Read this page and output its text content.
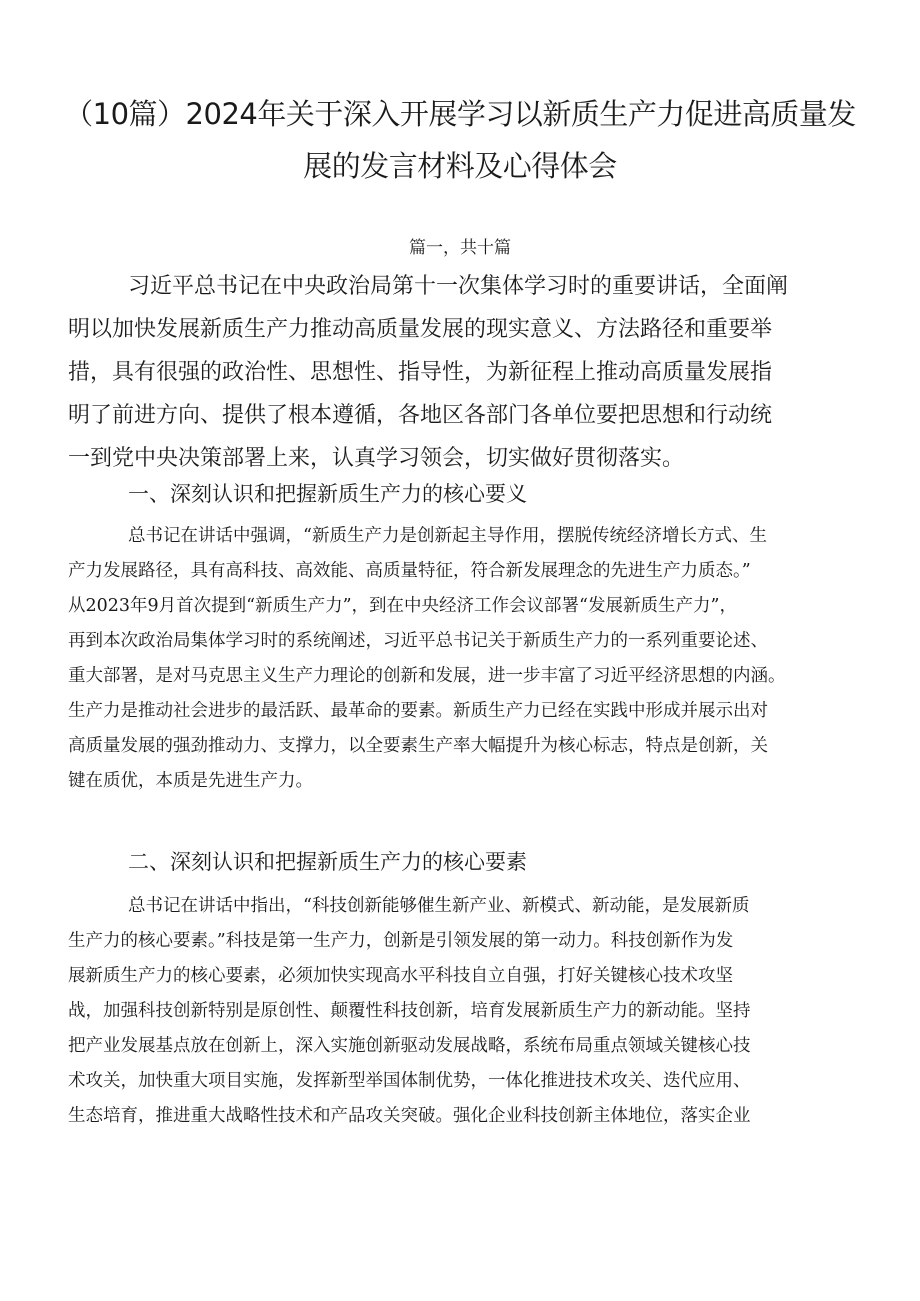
（10篇）2024年关于深入开展学习以新质生产力促进高质量发
展的发言材料及心得体会
篇一，共十篇
习近平总书记在中央政治局第十一次集体学习时的重要讲话，全面阐
明以加快发展新质生产力推动高质量发展的现实意义、方法路径和重要举
措，具有很强的政治性、思想性、指导性，为新征程上推动高质量发展指
明了前进方向、提供了根本遵循，各地区各部门各单位要把思想和行动统
一到党中央决策部署上来，认真学习领会，切实做好贯彻落实。
一、深刻认识和把握新质生产力的核心要义
总书记在讲话中强调，“新质生产力是创新起主导作用，摆脱传统经济增长方式、生
产力发展路径，具有高科技、高效能、高质量特征，符合新发展理念的先进生产力质态。”
从2023年9月首次提到“新质生产力”，到在中央经济工作会议部署“发展新质生产力”，
再到本次政治局集体学习时的系统阐述，习近平总书记关于新质生产力的一系列重要论述、
重大部署，是对马克思主义生产力理论的创新和发展，进一步丰富了习近平经济思想的内涵。
生产力是推动社会进步的最活跃、最革命的要素。新质生产力已经在实践中形成并展示出对
高质量发展的强劲推动力、支撑力，以全要素生产率大幅提升为核心标志，特点是创新，关
键在质优，本质是先进生产力。
二、深刻认识和把握新质生产力的核心要素
总书记在讲话中指出，“科技创新能够催生新产业、新模式、新动能，是发展新质
生产力的核心要素。”科技是第一生产力，创新是引领发展的第一动力。科技创新作为发
展新质生产力的核心要素，必须加快实现高水平科技自立自强，打好关键核心技术攻坚
战，加强科技创新特别是原创性、颠覆性科技创新，培育发展新质生产力的新动能。坚持
把产业发展基点放在创新上，深入实施创新驱动发展战略，系统布局重点领域关键核心技
术攻关，加快重大项目实施，发挥新型举国体制优势，一体化推进技术攻关、迭代应用、
生态培育，推进重大战略性技术和产品攻关突破。强化企业科技创新主体地位，落实企业
